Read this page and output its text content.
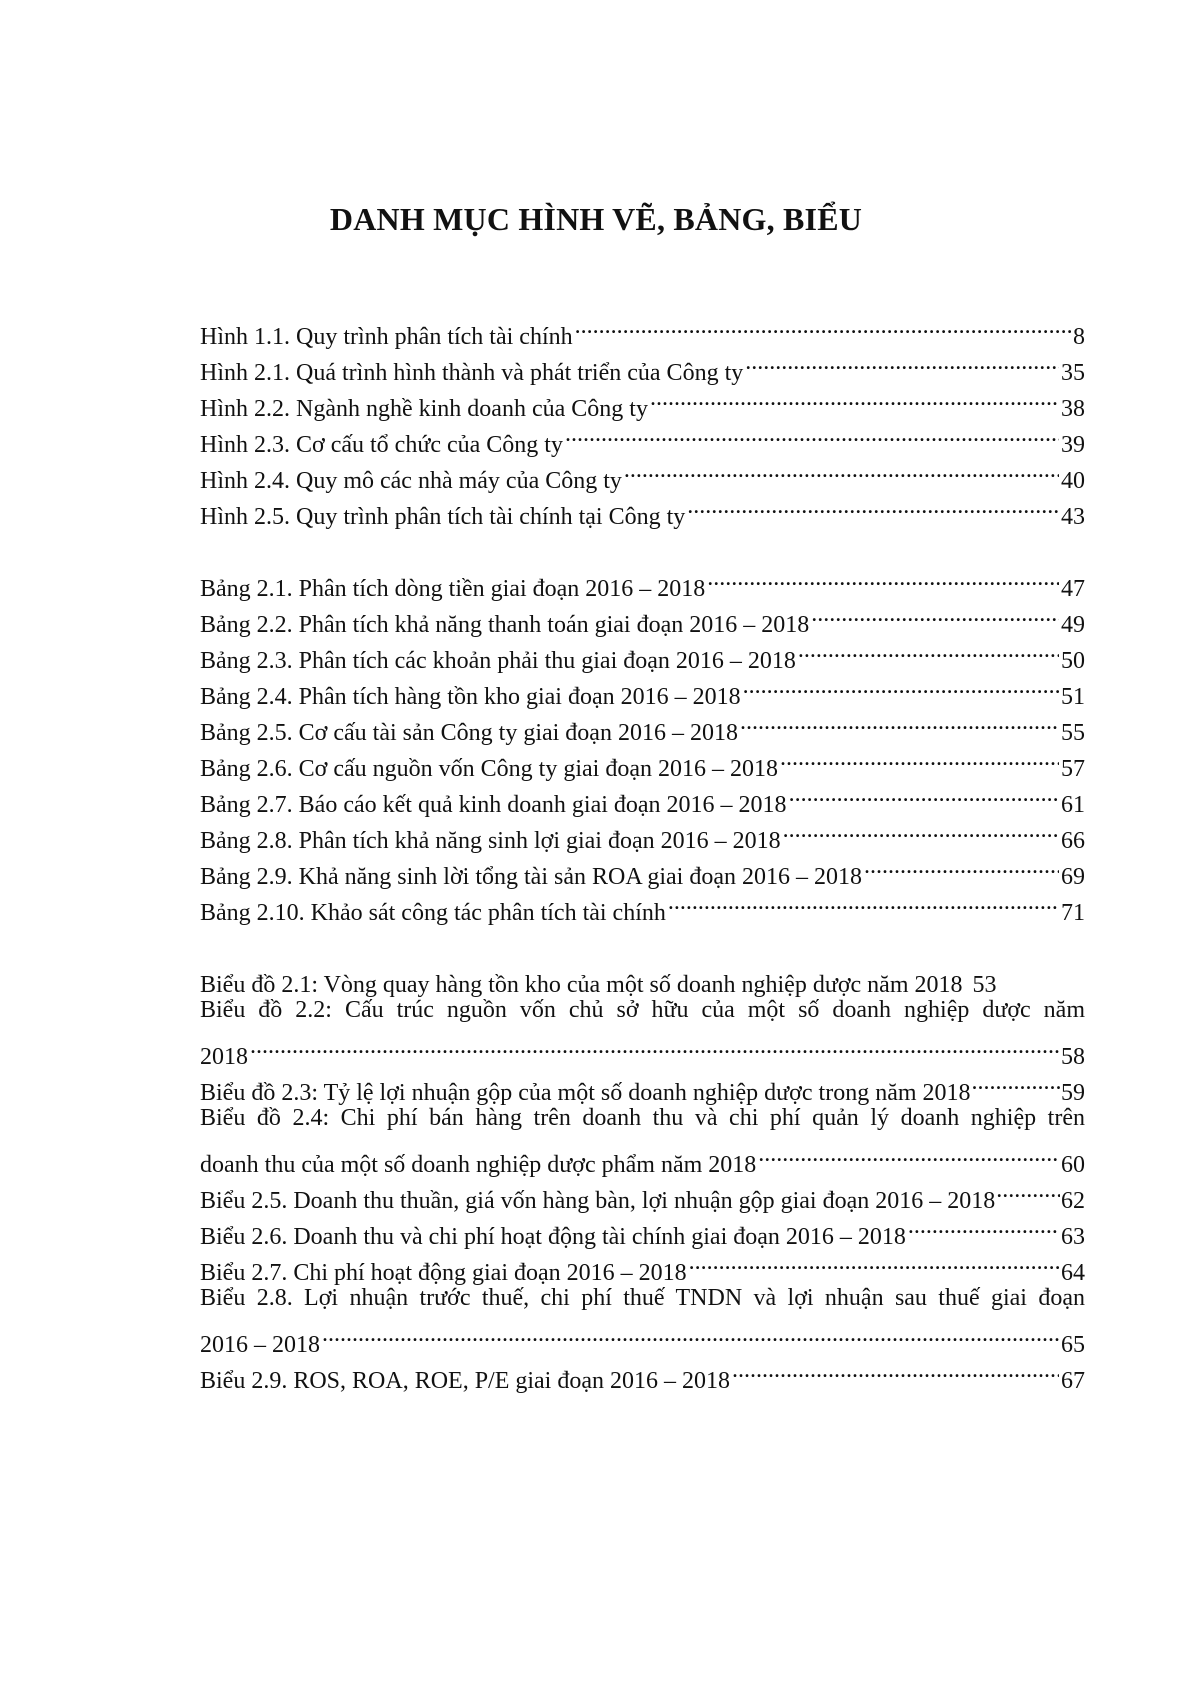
DANH MỤC HÌNH VẼ, BẢNG, BIỂU
Hình 1.1. Quy trình phân tích tài chính .....	8
Hình 2.1. Quá trình hình thành và phát triển của Công ty .....	35
Hình 2.2. Ngành nghề kinh doanh của Công ty .....	38
Hình 2.3. Cơ cấu tổ chức của Công ty .....	39
Hình 2.4. Quy mô các nhà máy của Công ty .....	40
Hình 2.5. Quy trình phân tích tài chính tại Công ty .....	43
Bảng 2.1. Phân tích dòng tiền giai đoạn 2016 – 2018 .....	47
Bảng 2.2. Phân tích khả năng thanh toán giai đoạn 2016 – 2018 .....	49
Bảng 2.3. Phân tích các khoản phải thu giai đoạn 2016 – 2018 .....	50
Bảng 2.4. Phân tích hàng tồn kho giai đoạn 2016 – 2018 .....	51
Bảng 2.5. Cơ cấu tài sản Công ty giai đoạn 2016 – 2018 .....	55
Bảng 2.6. Cơ cấu nguồn vốn Công ty giai đoạn 2016 – 2018 .....	57
Bảng 2.7. Báo cáo kết quả kinh doanh giai đoạn 2016 – 2018 .....	61
Bảng 2.8. Phân tích khả năng sinh lợi giai đoạn 2016 – 2018 .....	66
Bảng 2.9. Khả năng sinh lời tổng tài sản ROA giai đoạn 2016 – 2018 .....	69
Bảng 2.10. Khảo sát công tác phân tích tài chính .....	71
Biểu đồ 2.1: Vòng quay hàng tồn kho của một số doanh nghiệp dược năm 2018 53
Biểu đồ 2.2: Cấu trúc nguồn vốn chủ sở hữu của một số doanh nghiệp dược năm
2018 .....	58
Biểu đồ 2.3: Tỷ lệ lợi nhuận gộp của một số doanh nghiệp dược trong năm 2018 .....	59
Biểu đồ 2.4: Chi phí bán hàng trên doanh thu và chi phí quản lý doanh nghiệp trên
doanh thu của một số doanh nghiệp dược phẩm năm 2018 .....	60
Biểu 2.5. Doanh thu thuần, giá vốn hàng bàn, lợi nhuận gộp giai đoạn 2016 – 2018 .....	62
Biểu 2.6. Doanh thu và chi phí hoạt động tài chính giai đoạn 2016 – 2018 .....	63
Biểu 2.7. Chi phí hoạt động giai đoạn 2016 – 2018 .....	64
Biểu 2.8. Lợi nhuận trước thuế, chi phí thuế TNDN và lợi nhuận sau thuế giai đoạn
2016 – 2018 .....	65
Biểu 2.9. ROS, ROA, ROE, P/E giai đoạn 2016 – 2018 .....	67
